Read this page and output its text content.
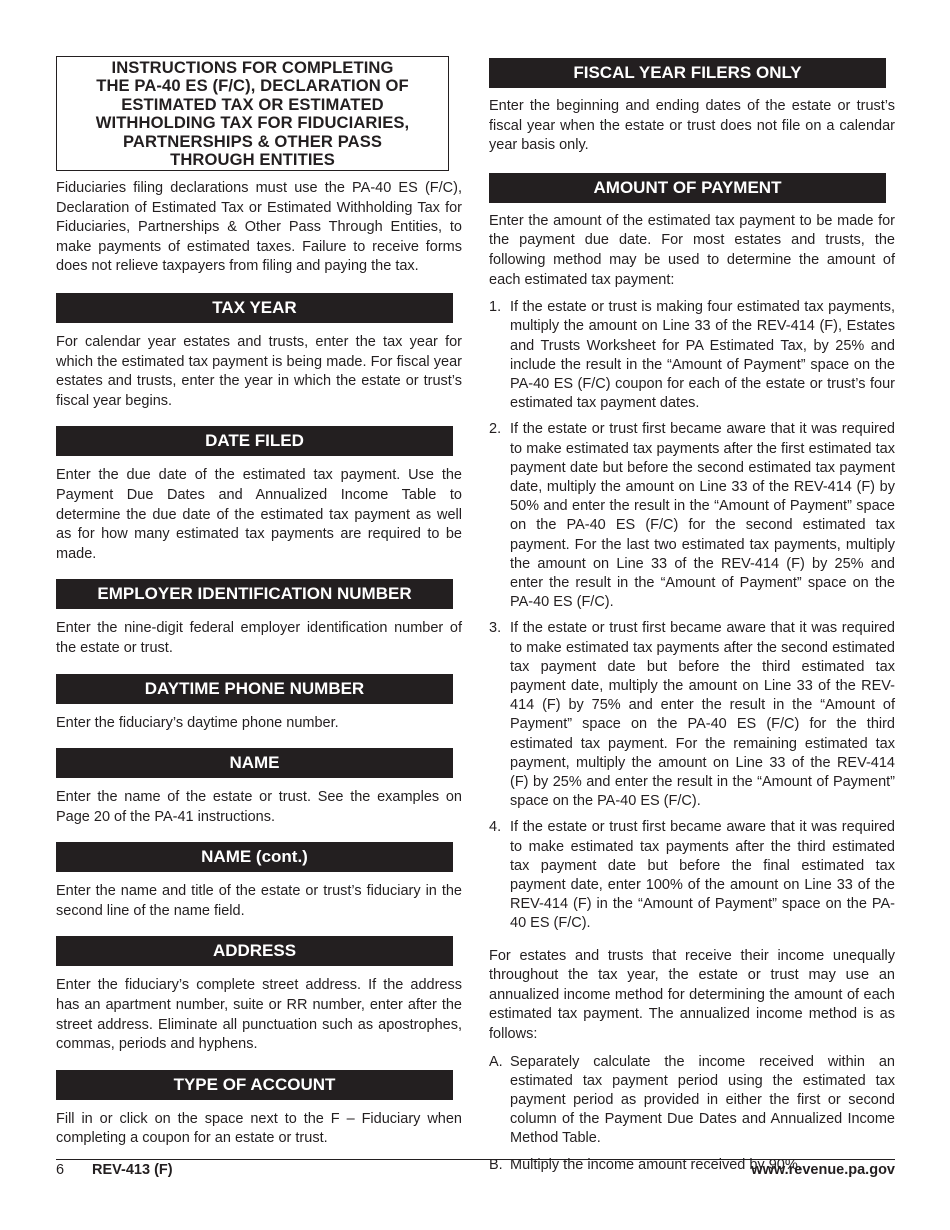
INSTRUCTIONS FOR COMPLETING
THE PA-40 ES (F/C), DECLARATION OF
ESTIMATED TAX OR ESTIMATED
WITHHOLDING TAX FOR FIDUCIARIES,
PARTNERSHIPS & OTHER PASS
THROUGH ENTITIES

Fiduciaries filing declarations must use the PA-40 ES (F/C), Declaration of Estimated Tax or Estimated Withholding Tax for Fiduciaries, Partnerships & Other Pass Through Entities, to make payments of estimated taxes. Failure to receive forms does not relieve taxpayers from filing and paying the tax.

TAX YEAR

For calendar year estates and trusts, enter the tax year for which the estimated tax payment is being made. For fiscal year estates and trusts, enter the year in which the estate or trust’s fiscal year begins.

DATE FILED

Enter the due date of the estimated tax payment. Use the Payment Due Dates and Annualized Income Table to determine the due date of the estimated tax payment as well as for how many estimated tax payments are required to be made.

EMPLOYER IDENTIFICATION NUMBER

Enter the nine-digit federal employer identification number of the estate or trust.

DAYTIME PHONE NUMBER

Enter the fiduciary’s daytime phone number.

NAME

Enter the name of the estate or trust. See the examples on Page 20 of the PA-41 instructions.

NAME (cont.)

Enter the name and title of the estate or trust’s fiduciary in the second line of the name field.

ADDRESS

Enter the fiduciary’s complete street address. If the address has an apartment number, suite or RR number, enter after the street address. Eliminate all punctuation such as apostrophes, commas, periods and hyphens.

TYPE OF ACCOUNT

Fill in or click on the space next to the F – Fiduciary when completing a coupon for an estate or trust.

FISCAL YEAR FILERS ONLY

Enter the beginning and ending dates of the estate or trust’s fiscal year when the estate or trust does not file on a calendar year basis only.

AMOUNT OF PAYMENT

Enter the amount of the estimated tax payment to be made for the payment due date. For most estates and trusts, the following method may be used to determine the amount of each estimated tax payment:

1. If the estate or trust is making four estimated tax payments, multiply the amount on Line 33 of the REV-414 (F), Estates and Trusts Worksheet for PA Estimated Tax, by 25% and include the result in the “Amount of Payment” space on the PA-40 ES (F/C) coupon for each of the estate or trust’s four estimated tax payment dates.
2. If the estate or trust first became aware that it was required to make estimated tax payments after the first estimated tax payment date but before the second estimated tax payment date, multiply the amount on Line 33 of the REV-414 (F) by 50% and enter the result in the “Amount of Payment” space on the PA-40 ES (F/C) for the second estimated tax payment. For the last two estimated tax payments, multiply the amount on Line 33 of the REV-414 (F) by 25% and enter the result in the “Amount of Payment” space on the PA-40 ES (F/C).
3. If the estate or trust first became aware that it was required to make estimated tax payments after the second estimated tax payment date but before the third estimated tax payment date, multiply the amount on Line 33 of the REV-414 (F) by 75% and enter the result in the “Amount of Payment” space on the PA-40 ES (F/C) for the third estimated tax payment. For the remaining estimated tax payment, multiply the amount on Line 33 of the REV-414 (F) by 25% and enter the result in the “Amount of Payment” space on the PA-40 ES (F/C).
4. If the estate or trust first became aware that it was required to make estimated tax payments after the third estimated tax payment date but before the final estimated tax payment date, enter 100% of the amount on Line 33 of the REV-414 (F) in the “Amount of Payment” space on the PA-40 ES (F/C).

For estates and trusts that receive their income unequally throughout the tax year, the estate or trust may use an annualized income method for determining the amount of each estimated tax payment. The annualized income method is as follows:

A. Separately calculate the income received within an estimated tax payment period using the estimated tax payment period as provided in either the first or second column of the Payment Due Dates and Annualized Income Method Table.
B. Multiply the income amount received by 90%.
6 REV-413 (F)	www.revenue.pa.gov
